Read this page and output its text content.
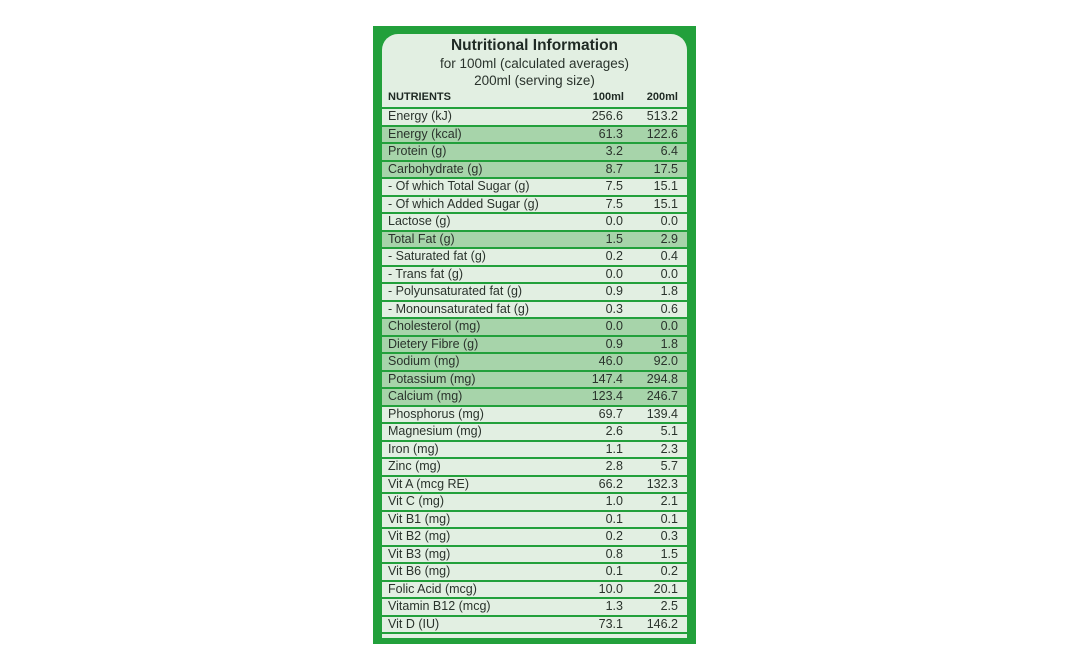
Nutritional Information
for 100ml (calculated averages)
200ml (serving size)
NUTRIENTS	100ml 200ml
Energy (kJ)	256.6 513.2
Energy (kcal)	61.3 122.6
Protein (g)	3.2	6.4
Carbohydrate (g)	8.7 17.5
- Of which Total Sugar (g)	7.5 15.1
- Of which Added Sugar (g)	7.5 15.1
Lactose (g)	0.0	0.0
Total Fat (g)	1.5	2.9
- Saturated fat (g)	0.2	0.4
- Trans fat (g)	0.0	0.0
- Polyunsaturated fat (g)	0.9	1.8
- Monounsaturated fat (g)	0.3	0.6
Cholesterol (mg)	0.0	0.0
Dietery Fibre (g)	0.9	1.8
Sodium (mg)	46.0 92.0
Potassium (mg)	147.4 294.8
Calcium (mg)	123.4 246.7
Phosphorus (mg)	69.7 139.4
Magnesium (mg)	2.6	5.1
Iron (mg)	1.1	2.3
Zinc (mg)	2.8	5.7
Vit A (mcg RE)	66.2 132.3
Vit C (mg)	1.0	2.1
Vit B1 (mg)	0.1	0.1
Vit B2 (mg)	0.2	0.3
Vit B3 (mg)	0.8	1.5
Vit B6 (mg)	0.1	0.2
Folic Acid (mcg)	10.0 20.1
Vitamin B12 (mcg)	1.3	2.5
Vit D (IU)	73.1 146.2
